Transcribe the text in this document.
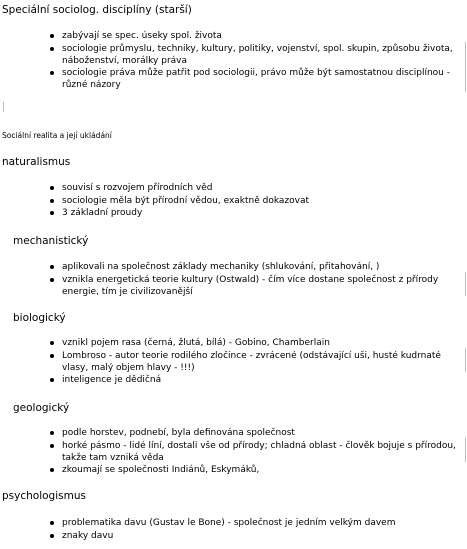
Speciální sociolog. disciplíny (starší)
zabývají se spec. úseky spol. života
sociologie průmyslu, techniky, kultury, politiky, vojenství, spol. skupin, způsobu života, náboženství, morálky práva
sociologie práva může patřit pod sociologii, právo může být samostatnou disciplínou - různé názory
Sociální realita a její ukládání
naturalismus
souvisí s rozvojem přírodních věd
sociologie měla být přírodní vědou, exaktně dokazovat
3 základní proudy
mechanistický
aplikovali na společnost základy mechaniky (shlukování, přitahování, )
vznikla energetická teorie kultury (Ostwald) - čím více dostane společnost z přírody energie, tím je civilizovanější
biologický
vznikl pojem rasa (černá, žlutá, bílá) - Gobino, Chamberlain
Lombroso - autor teorie rodilého zločince - zvrácené (odstávající uši, husté kudrnaté vlasy, malý objem hlavy - !!!)
inteligence je dědičná
geologický
podle horstev, podnebí, byla definována společnost
horké pásmo - lidé líní, dostali vše od přírody; chladná oblast - člověk bojuje s přírodou, takže tam vzniká věda
zkoumají se společnosti Indiánů, Eskymáků,
psychologismus
problematika davu (Gustav le Bone) - společnost je jedním velkým davem
znaky davu
